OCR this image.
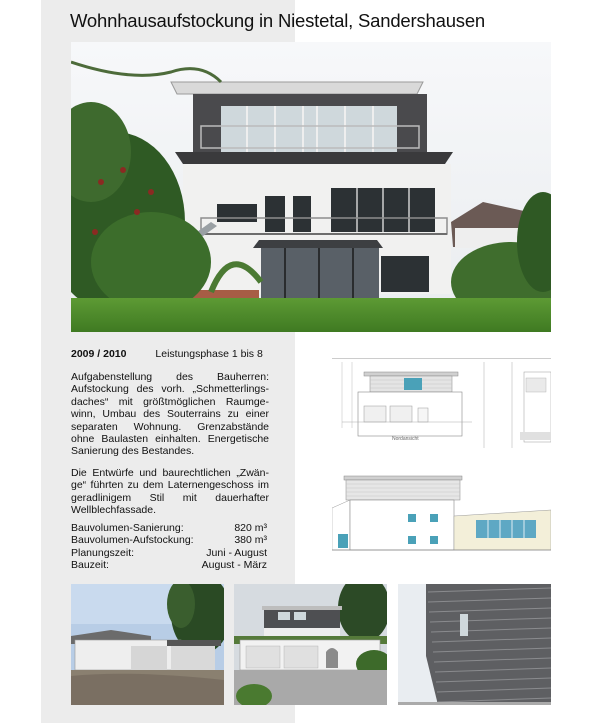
Wohnhausaufstockung in Niestetal, Sandershausen
2009 / 2010	Leistungsphase 1 bis 8

Aufgabenstellung des Bauherren: Aufstockung des vorh. „Schmetterlings-daches“ mit größtmöglichen Raumge-winn, Umbau des Souterrains zu einer separaten Wohnung. Grenzabstände ohne Baulasten einhalten. Energetische Sanierung des Bestandes.

Die Entwürfe und baurechtlichen „Zwän-ge“ führten zu dem Laternengeschoss im geradlinigem Stil mit dauerhafter Wellblechfassade.

Bauvolumen-Sanierung:	820 m³
Bauvolumen-Aufstockung:	380 m³
Planungszeit:	Juni - August
Bauzeit:	August - März
Nordansicht
